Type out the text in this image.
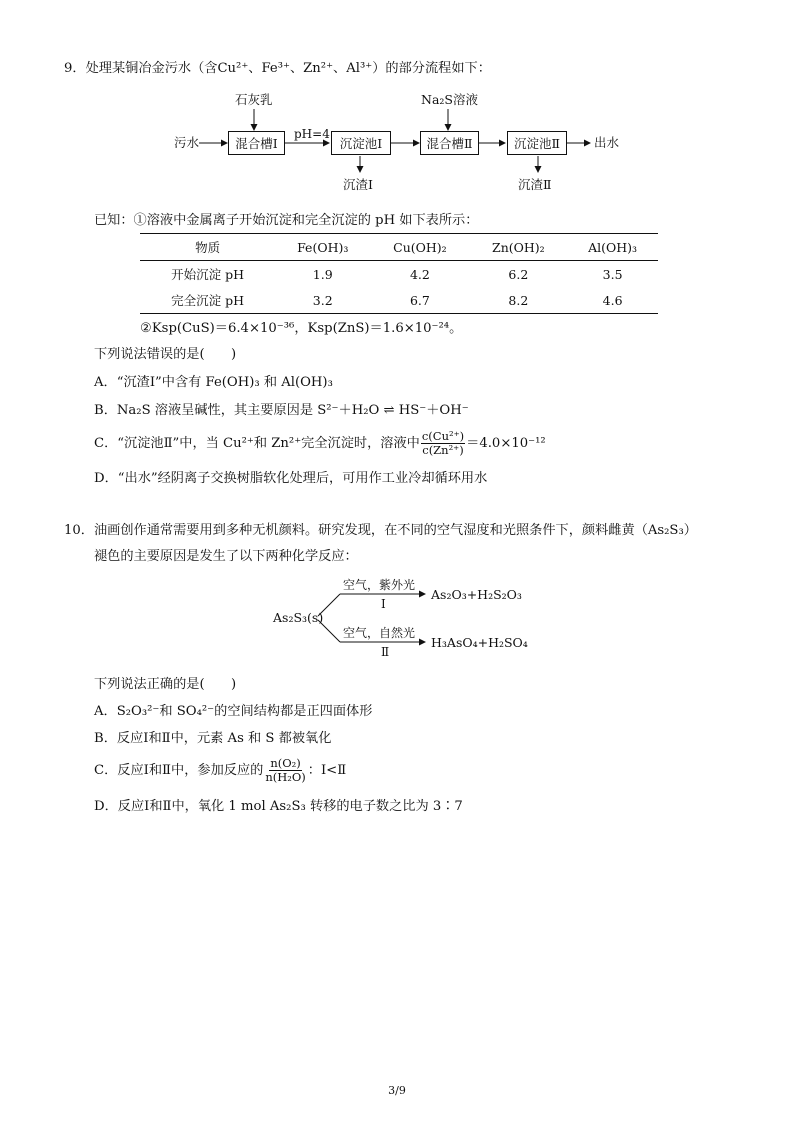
9．处理某铜冶金污水（含Cu²⁺、Fe³⁺、Zn²⁺、Al³⁺）的部分流程如下：
污水
石灰乳
混合槽Ⅰ
pH=4
沉淀池Ⅰ
沉渣Ⅰ
Na₂S溶液
混合槽Ⅱ	沉淀池Ⅱ
沉渣Ⅱ
出水
已知：①溶液中金属离子开始沉淀和完全沉淀的 pH 如下表所示：
物质	Fe(OH)₃	Cu(OH)₂	Zn(OH)₂	Al(OH)₃
开始沉淀 pH	1.9	4.2	6.2	3.5
完全沉淀 pH	3.2	6.7	8.2	4.6
②Ksp(CuS)＝6.4×10⁻³⁶，Ksp(ZnS)＝1.6×10⁻²⁴。
下列说法错误的是(　　)
A．“沉渣Ⅰ”中含有 Fe(OH)₃ 和 Al(OH)₃
B．Na₂S 溶液呈碱性，其主要原因是 S²⁻＋H₂O ⇌ HS⁻＋OH⁻
C．“沉淀池Ⅱ”中，当 Cu²⁺和 Zn²⁺完全沉淀时，溶液中 $\frac{\text{c(Cu²⁺)}}{\text{c(Zn²⁺)}} =4.0\times 10^{-12}$
D．“出水”经阴离子交换树脂软化处理后，可用作工业冷却循环用水
10．油画创作通常需要用到多种无机颜料。研究发现，在不同的空气湿度和光照条件下，颜料雌黄（As₂S₃）
褪色的主要原因是发生了以下两种化学反应：
As₂S₃(s)
空气，紫外光
Ⅰ
As₂O₃+H₂S₂O₃
空气，自然光
Ⅱ
H₃AsO₄+H₂SO₄
下列说法正确的是(　　)
A．S₂O₃²⁻和 SO₄²⁻的空间结构都是正四面体形
B．反应Ⅰ和Ⅱ中，元素 As 和 S 都被氧化
C．反应Ⅰ和Ⅱ中，参加反应的 $\frac{\text{n(O₂)}}{\text{n(H₂O)}}$ ：Ⅰ<Ⅱ
D．反应Ⅰ和Ⅱ中，氧化 1 mol As₂S₃ 转移的电子数之比为 3∶7
3/9
